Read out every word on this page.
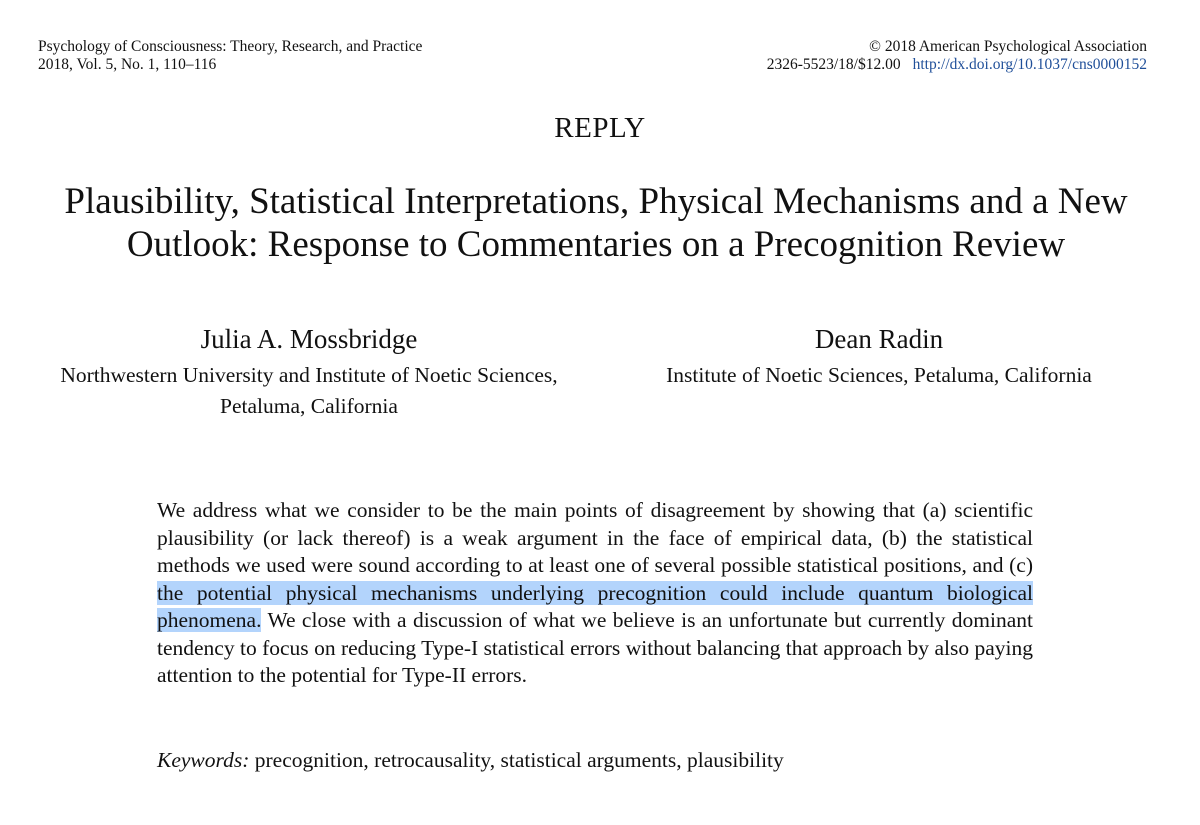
Psychology of Consciousness: Theory, Research, and Practice
2018, Vol. 5, No. 1, 110–116
© 2018 American Psychological Association
2326-5523/18/$12.00 http://dx.doi.org/10.1037/cns0000152
REPLY
Plausibility, Statistical Interpretations, Physical Mechanisms and a New Outlook: Response to Commentaries on a Precognition Review
Julia A. Mossbridge
Northwestern University and Institute of Noetic Sciences, Petaluma, California
Dean Radin
Institute of Noetic Sciences, Petaluma, California
We address what we consider to be the main points of disagreement by showing that (a) scientific plausibility (or lack thereof) is a weak argument in the face of empirical data, (b) the statistical methods we used were sound according to at least one of several possible statistical positions, and (c) the potential physical mechanisms underlying precognition could include quantum biological phenomena. We close with a discussion of what we believe is an unfortunate but currently dominant tendency to focus on reducing Type-I statistical errors without balancing that approach by also paying attention to the potential for Type-II errors.
Keywords: precognition, retrocausality, statistical arguments, plausibility
